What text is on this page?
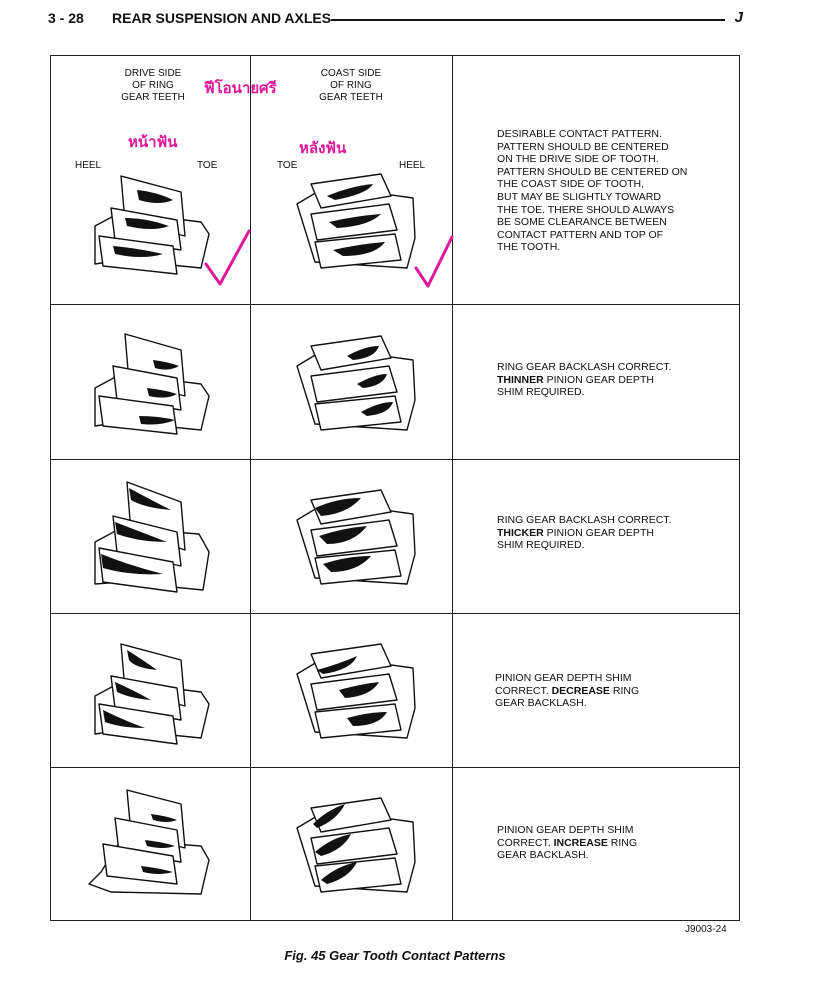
3 - 28 REAR SUSPENSION AND AXLES	J
DRIVE SIDE
OF RING
GEAR TEETH
COAST SIDE
OF RING
GEAR TEETH
ฟีโอนายศรี
หน้าฟัน	หลังฟัน
HEEL	TOE	TOE	HEEL
DESIRABLE CONTACT PATTERN.
PATTERN SHOULD BE CENTERED
ON THE DRIVE SIDE OF TOOTH.
PATTERN SHOULD BE CENTERED ON
THE COAST SIDE OF TOOTH,
BUT MAY BE SLIGHTLY TOWARD
THE TOE. THERE SHOULD ALWAYS
BE SOME CLEARANCE BETWEEN
CONTACT PATTERN AND TOP OF
THE TOOTH.
RING GEAR BACKLASH CORRECT.
THINNER PINION GEAR DEPTH
SHIM REQUIRED.
RING GEAR BACKLASH CORRECT.
THICKER PINION GEAR DEPTH
SHIM REQUIRED.
PINION GEAR DEPTH SHIM
CORRECT. DECREASE RING
GEAR BACKLASH.
PINION GEAR DEPTH SHIM
CORRECT. INCREASE RING
GEAR BACKLASH.
J9003-24
Fig. 45 Gear Tooth Contact Patterns
